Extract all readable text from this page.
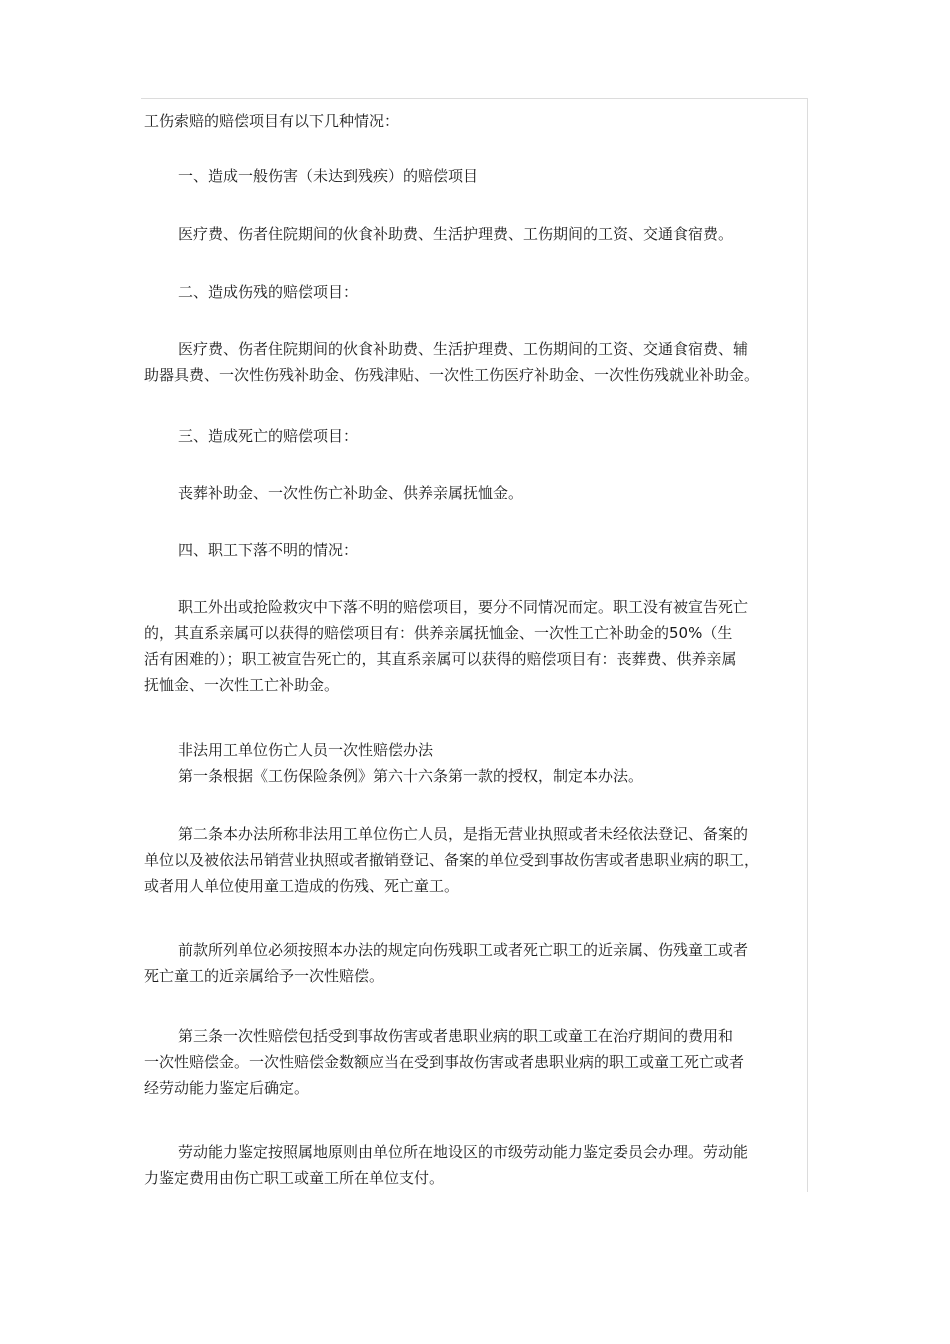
工伤索赔的赔偿项目有以下几种情况：

一、造成一般伤害（未达到残疾）的赔偿项目

医疗费、伤者住院期间的伙食补助费、生活护理费、工伤期间的工资、交通食宿费。

二、造成伤残的赔偿项目：

医疗费、伤者住院期间的伙食补助费、生活护理费、工伤期间的工资、交通食宿费、辅
助器具费、一次性伤残补助金、伤残津贴、一次性工伤医疗补助金、一次性伤残就业补助金。

三、造成死亡的赔偿项目：

丧葬补助金、一次性伤亡补助金、供养亲属抚恤金。

四、职工下落不明的情况：

职工外出或抢险救灾中下落不明的赔偿项目，要分不同情况而定。职工没有被宣告死亡
的，其直系亲属可以获得的赔偿项目有：供养亲属抚恤金、一次性工亡补助金的50%（生
活有困难的）；职工被宣告死亡的，其直系亲属可以获得的赔偿项目有：丧葬费、供养亲属
抚恤金、一次性工亡补助金。

非法用工单位伤亡人员一次性赔偿办法

第一条根据《工伤保险条例》第六十六条第一款的授权，制定本办法。

第二条本办法所称非法用工单位伤亡人员，是指无营业执照或者未经依法登记、备案的
单位以及被依法吊销营业执照或者撤销登记、备案的单位受到事故伤害或者患职业病的职工，
或者用人单位使用童工造成的伤残、死亡童工。
前款所列单位必须按照本办法的规定向伤残职工或者死亡职工的近亲属、伤残童工或者
死亡童工的近亲属给予一次性赔偿。
第三条一次性赔偿包括受到事故伤害或者患职业病的职工或童工在治疗期间的费用和
一次性赔偿金。一次性赔偿金数额应当在受到事故伤害或者患职业病的职工或童工死亡或者
经劳动能力鉴定后确定。
劳动能力鉴定按照属地原则由单位所在地设区的市级劳动能力鉴定委员会办理。劳动能
力鉴定费用由伤亡职工或童工所在单位支付。
